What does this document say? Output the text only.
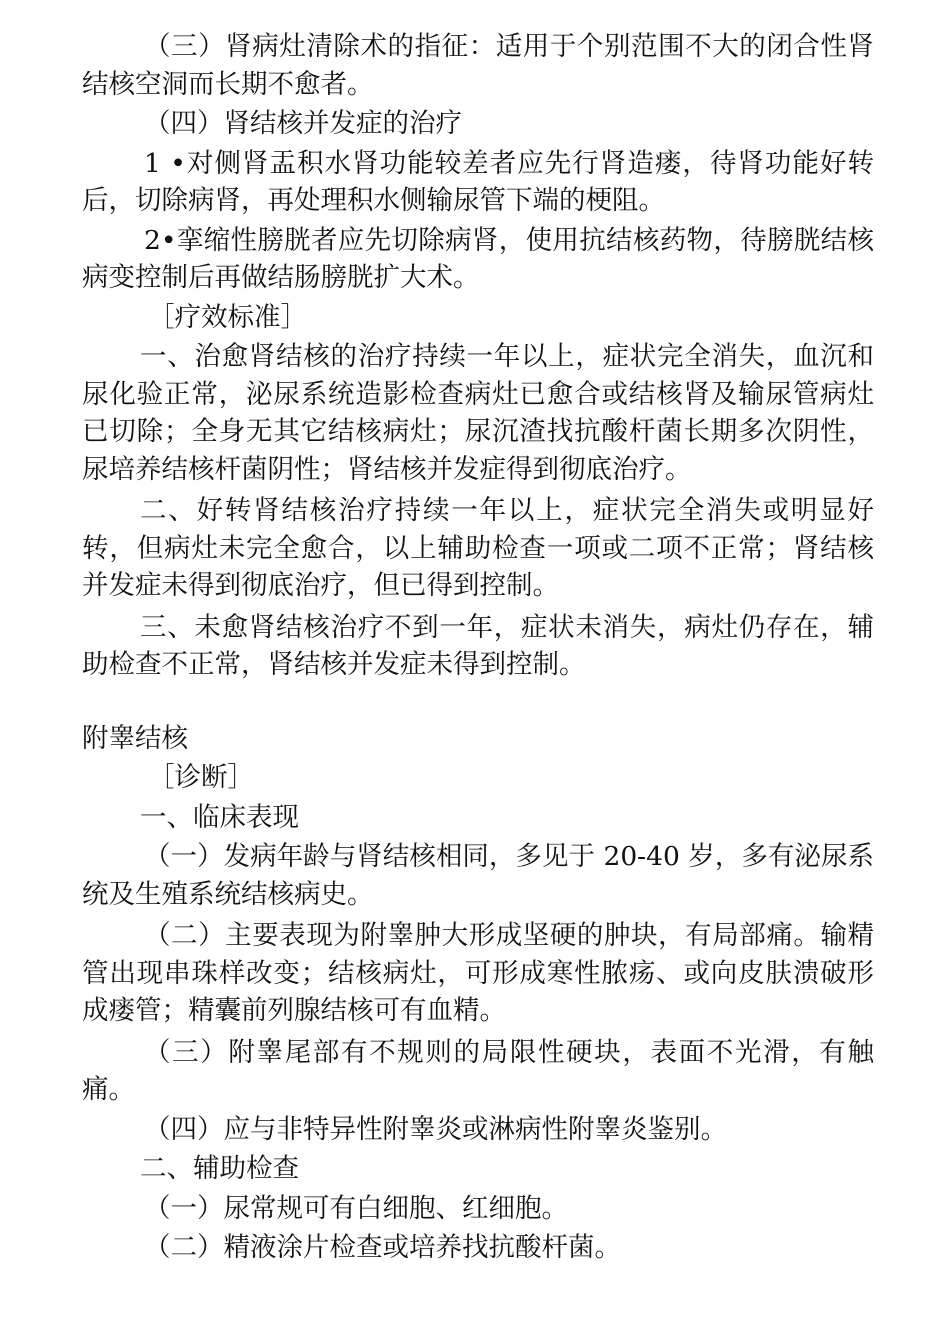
（三）肾病灶清除术的指征：适用于个别范围不大的闭合性肾结核空洞而长期不愈者。

（四）肾结核并发症的治疗

1 •对侧肾盂积水肾功能较差者应先行肾造瘘，待肾功能好转后，切除病肾，再处理积水侧输尿管下端的梗阻。

2•挛缩性膀胱者应先切除病肾，使用抗结核药物，待膀胱结核病变控制后再做结肠膀胱扩大术。

［疗效标准］

一、治愈肾结核的治疗持续一年以上，症状完全消失，血沉和尿化验正常，泌尿系统造影检查病灶已愈合或结核肾及输尿管病灶已切除；全身无其它结核病灶；尿沉渣找抗酸杆菌长期多次阴性，尿培养结核杆菌阴性；肾结核并发症得到彻底治疗。

二、好转肾结核治疗持续一年以上，症状完全消失或明显好转，但病灶未完全愈合，以上辅助检查一项或二项不正常；肾结核并发症未得到彻底治疗，但已得到控制。

三、未愈肾结核治疗不到一年，症状未消失，病灶仍存在，辅助检查不正常，肾结核并发症未得到控制。

附睾结核

［诊断］

一、临床表现

（一）发病年龄与肾结核相同，多见于 20-40 岁，多有泌尿系统及生殖系统结核病史。

（二）主要表现为附睾肿大形成坚硬的肿块，有局部痛。输精管出现串珠样改变；结核病灶，可形成寒性脓疡、或向皮肤溃破形成瘘管；精囊前列腺结核可有血精。

（三）附睾尾部有不规则的局限性硬块，表面不光滑，有触痛。

（四）应与非特异性附睾炎或淋病性附睾炎鉴别。

二、辅助检查

（一）尿常规可有白细胞、红细胞。

（二）精液涂片检查或培养找抗酸杆菌。
